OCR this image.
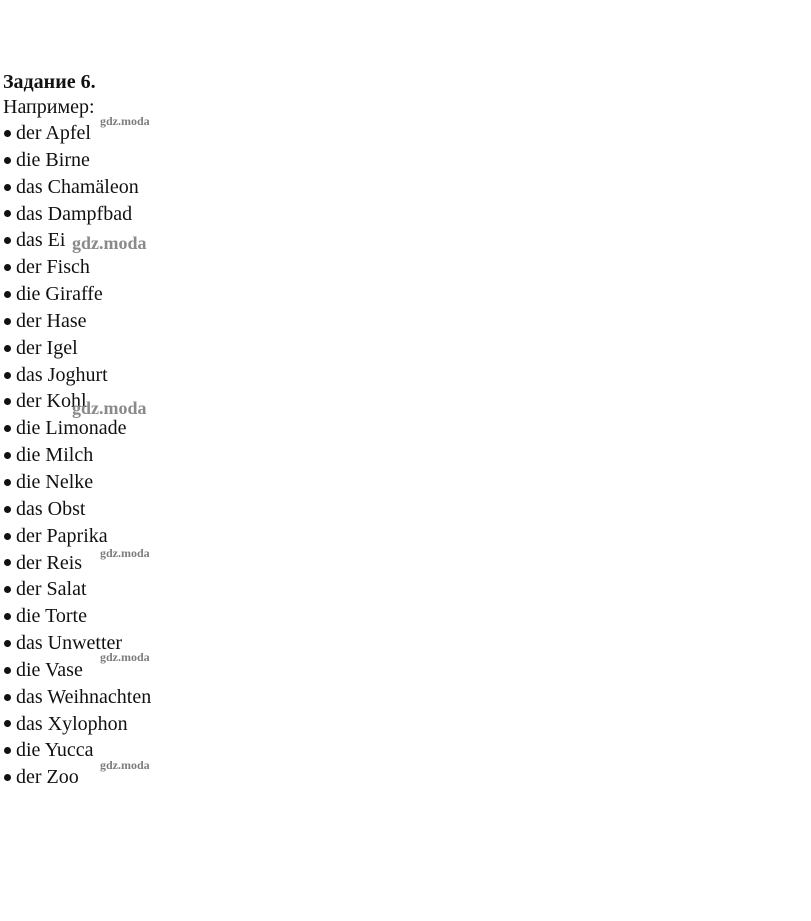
Задание 6.
Например:
der Apfel
die Birne
das Chamäleon
das Dampfbad
das Ei
der Fisch
die Giraffe
der Hase
der Igel
das Joghurt
der Kohl
die Limonade
die Milch
die Nelke
das Obst
der Paprika
der Reis
der Salat
die Torte
das Unwetter
die Vase
das Weihnachten
das Xylophon
die Yucca
der Zoo
gdz.moda
gdz.moda
gdz.moda
gdz.moda
gdz.moda
gdz.moda
